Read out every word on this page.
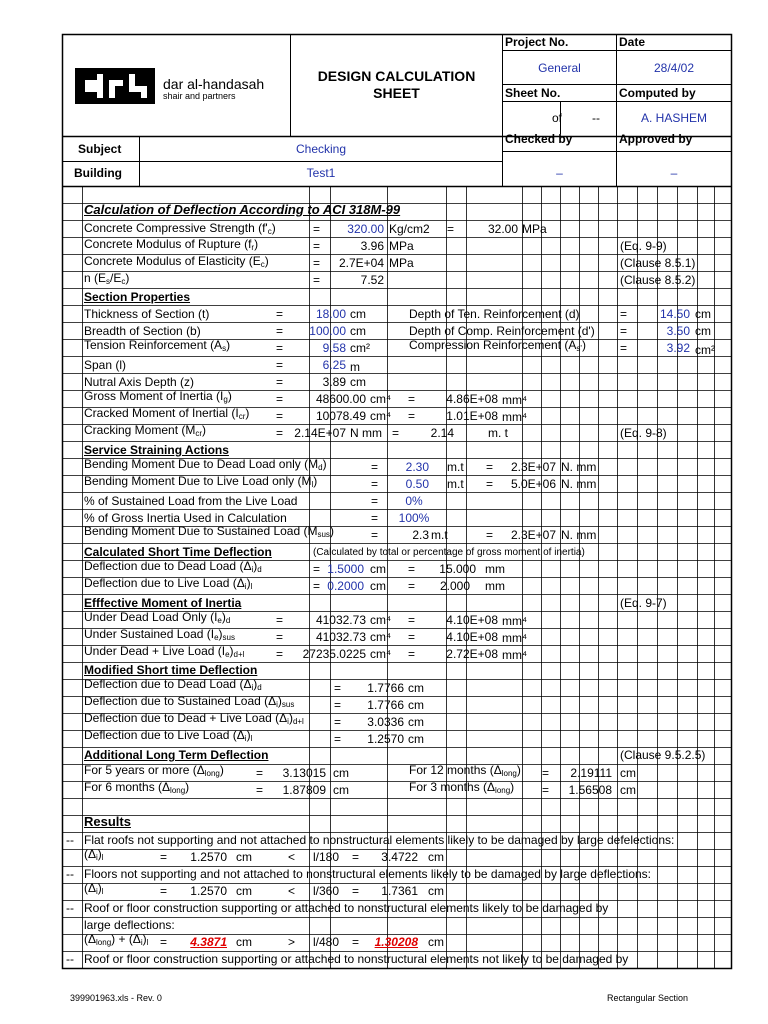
dar al-handasah
shair and partners
DESIGN CALCULATION
SHEET
Project No.	Date
General	28/4/02
Sheet No.	Computed by
of --	A. HASHEM
Checked by	Approved by
–	–
Subject	Checking
Building	Test1
Calculation of Deflection According to ACI 318M-99
Concrete Compressive Strength $(f'_c)$	=	320.00 Kg/cm2 =	32.00 MPa
Concrete Modulus of Rupture $(f_r)$	=	3.96 MPa	(Eq. 9-9)
Concrete Modulus of Elasticity $(E_c)$	=	2.7E+04 MPa	(Clause 8.5.1)
n $(E_s/E_c)$	=	7.52	(Clause 8.5.2)
Section Properties
Thickness of Section (t)	=	18.00 cm	Depth of Ten. Reinforcement (d)	=	14.50 cm
Breadth of Section (b)	=	100.00 cm	Depth of Comp. Reinforcement (d') =	3.50 cm
Tension Reinforcement $(A_s)$	=	9.58 cm²	Compression Reinforcement $(A_{s'})$	=	3.92 cm²
Span (l)	=	6.25 m
Nutral Axis Depth (z)	=	3.89 cm
Gross Moment of Inertia $(I_g)$	=	48600.00 cm⁴ =	4.86E+08 mm⁴
Cracked Moment of Inertial $(I_{cr})$ =	10078.49 cm⁴ =	1.01E+08 mm⁴
Cracking Moment $(M_{cr})$	= 2.14E+07 N mm =	2.14	m. t	(Eq. 9-8)
Service Straining Actions
Bending Moment Due to Dead Load only $(M_d)$	=	2.30 m.t =	2.3E+07 N. mm
Bending Moment Due to Live Load only $(M_l)$	=	0.50 m.t =	5.0E+06 N. mm
% of Sustained Load from the Live Load	=	0%
% of Gross Inertia Used in Calculation	=	100%
Bending Moment Due to Sustained Load $(M_{sus})$	=	2.3 m.t	=	2.3E+07 N. mm
Calculated Short Time Deflection	(Calculated by total or percentage of gross moment of inertia)
Deflection due to Dead Load $(\Delta_i)_d$	= 1.5000 cm =	15.000 mm
Deflection due to Live Load $(\Delta_i)_l$	= 0.2000 cm =	2.000 mm
Efffective Moment of Inertia	(Eq. 9-7)
Under Dead Load Only $(I_e)_d$	=	41032.73 cm⁴ =	4.10E+08 mm⁴
Under Sustained Load $(I_e)_{sus}$	=	41032.73 cm⁴ =	4.10E+08 mm⁴
Under Dead + Live Load $(I_e)_{d+l}$	=	27235.0225 cm⁴ =	2.72E+08 mm⁴
Modified Short time Deflection
Deflection due to Dead Load $(\Delta_i)_d$	=	1.7766 cm
Deflection due to Sustained Load $(\Delta_i)_{sus}$	=	1.7766 cm
Deflection due to Dead + Live Load $(\Delta_i)_{d+l}$	=	3.0336 cm
Deflection due to Live Load $(\Delta_i)_l$	=	1.2570 cm
Additional Long Term Deflection	(Clause 9.5.2.5)
For 5 years or more $(\Delta_{long})$	=	3.13015 cm	For 12 months $(\Delta_{long})$ =	2.19111 cm
For 6 months $(\Delta_{long})$	=	1.87809 cm	For 3 months $(\Delta_{long})$ =	1.56508 cm
Results
-- Flat roofs not supporting and not attached to nonstructural elements likely to be damaged by large defelections:
$(\Delta_i)_l$	=	1.2570 cm	< l/180 =	3.4722 cm
-- Floors not supporting and not attached to nonstructural elements likely to be damaged by large deflections:
$(\Delta_i)_l$	=	1.2570 cm	< l/360 =	1.7361 cm
-- Roof or floor construction supporting or attached to nonstructural elements likely to be damaged by
large deflections:
$(\Delta_{long}) + (\Delta_i)_l$ =	4.3871 cm	> l/480 =	1.30208 cm
-- Roof or floor construction supporting or attached to nonstructural elements not likely to be damaged by
399901963.xls - Rev. 0	Rectangular Section
